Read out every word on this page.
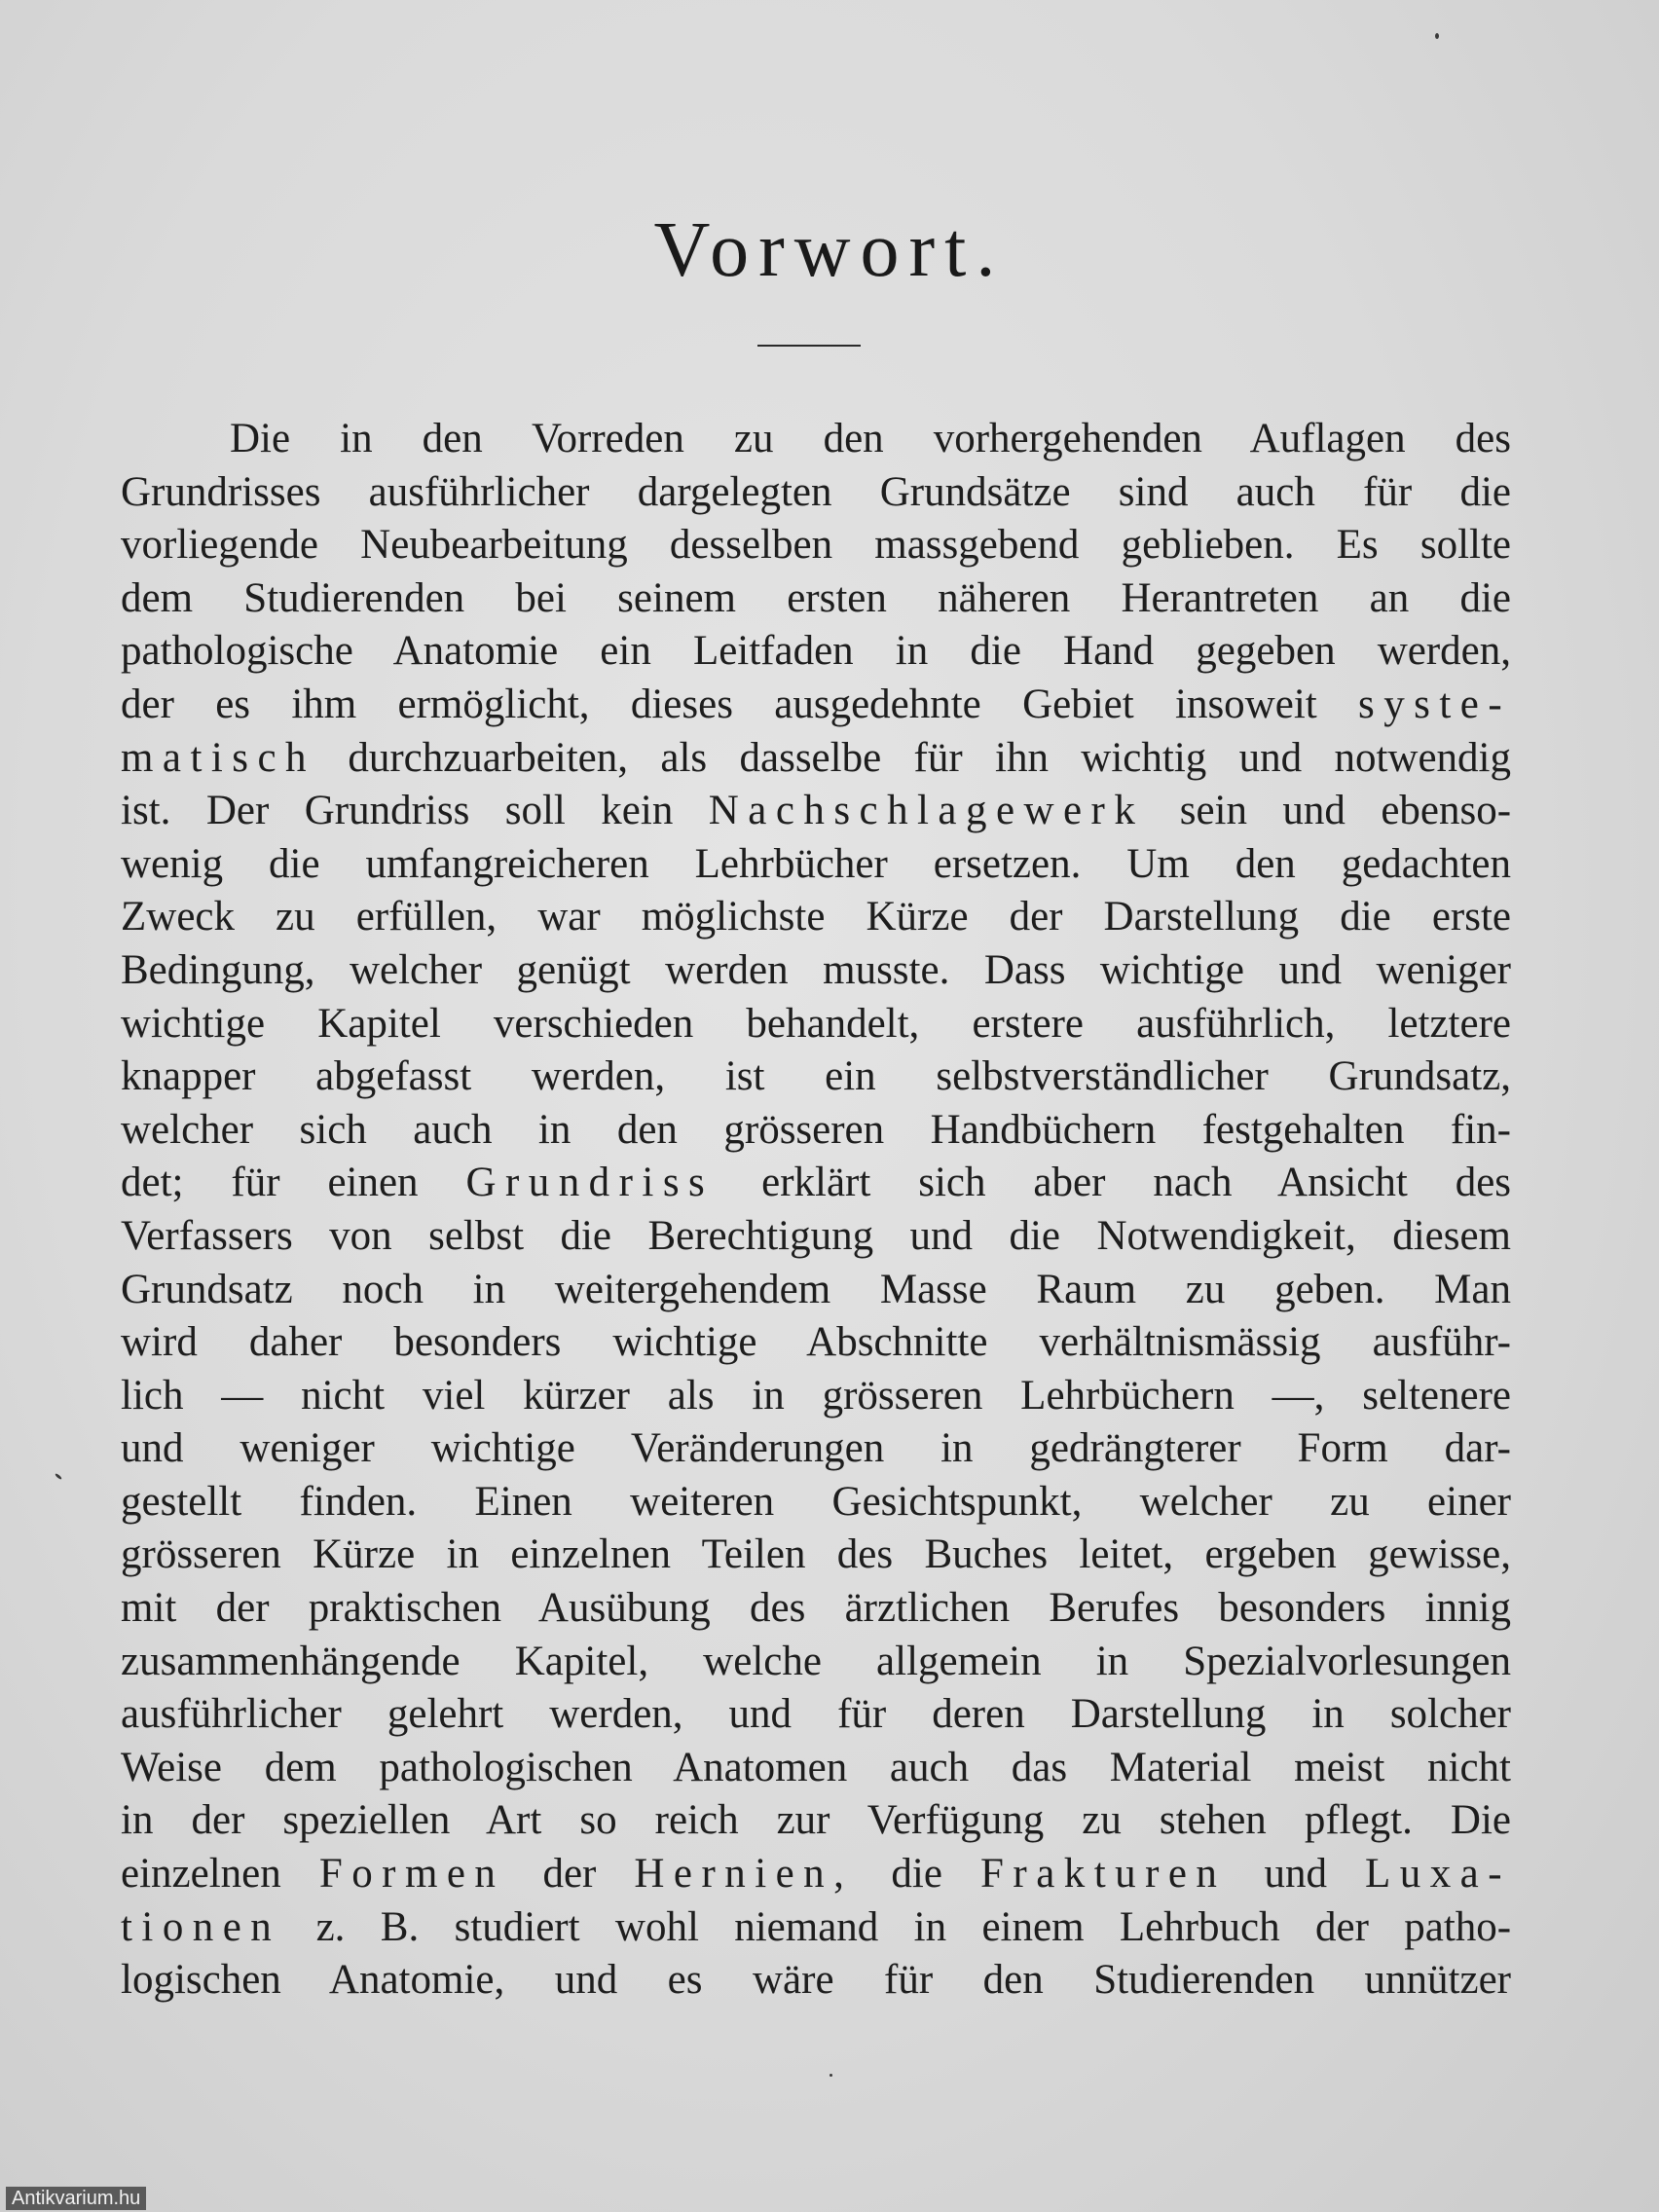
Vorwort.
Die in den Vorreden zu den vorhergehenden Auflagen des
Grundrisses ausführlicher dargelegten Grundsätze sind auch für die
vorliegende Neubearbeitung desselben massgebend geblieben. Es sollte
dem Studierenden bei seinem ersten näheren Herantreten an die
pathologische Anatomie ein Leitfaden in die Hand gegeben werden,
der es ihm ermöglicht, dieses ausgedehnte Gebiet insoweit syste-
matisch durchzuarbeiten, als dasselbe für ihn wichtig und notwendig
ist. Der Grundriss soll kein Nachschlagewerk sein und ebenso-
wenig die umfangreicheren Lehrbücher ersetzen. Um den gedachten
Zweck zu erfüllen, war möglichste Kürze der Darstellung die erste
Bedingung, welcher genügt werden musste. Dass wichtige und weniger
wichtige Kapitel verschieden behandelt, erstere ausführlich, letztere
knapper abgefasst werden, ist ein selbstverständlicher Grundsatz,
welcher sich auch in den grösseren Handbüchern festgehalten fin-
det; für einen Grundriss erklärt sich aber nach Ansicht des
Verfassers von selbst die Berechtigung und die Notwendigkeit, diesem
Grundsatz noch in weitergehendem Masse Raum zu geben. Man
wird daher besonders wichtige Abschnitte verhältnismässig ausführ-
lich — nicht viel kürzer als in grösseren Lehrbüchern —, seltenere
und weniger wichtige Veränderungen in gedrängterer Form dar-
gestellt finden. Einen weiteren Gesichtspunkt, welcher zu einer
grösseren Kürze in einzelnen Teilen des Buches leitet, ergeben gewisse,
mit der praktischen Ausübung des ärztlichen Berufes besonders innig
zusammenhängende Kapitel, welche allgemein in Spezialvorlesungen
ausführlicher gelehrt werden, und für deren Darstellung in solcher
Weise dem pathologischen Anatomen auch das Material meist nicht
in der speziellen Art so reich zur Verfügung zu stehen pflegt. Die
einzelnen Formen der Hernien, die Frakturen und Luxa-
tionen z. B. studiert wohl niemand in einem Lehrbuch der patho-
logischen Anatomie, und es wäre für den Studierenden unnützer
Antikvarium.hu
